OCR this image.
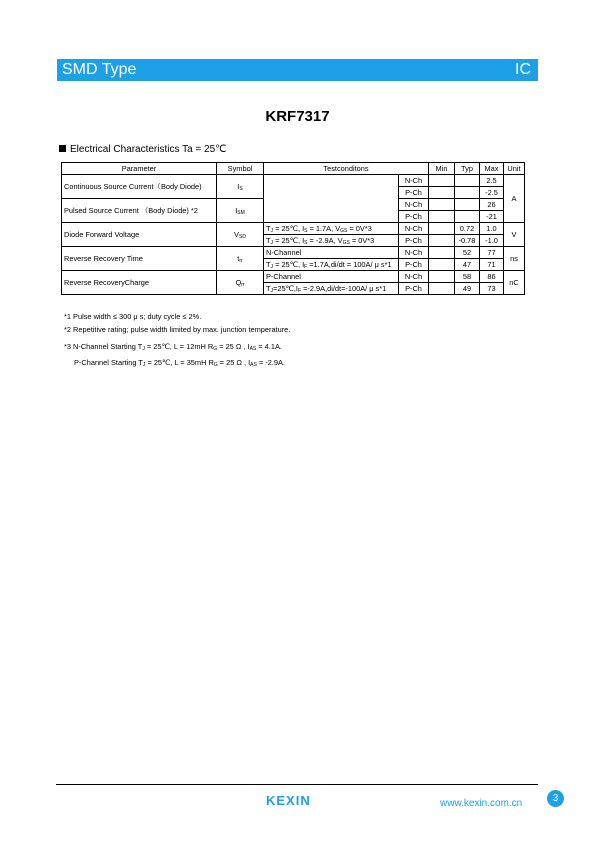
SMD Type	IC
KRF7317
Electrical Characteristics Ta = 25℃
Parameter	Symbol	Testconditons		Min	Typ	Max	Unit
Continuous Source Current（Body Diode)	$I_S$		N-Ch			2.5	A
			P-Ch			-2.5	
Pulsed Source Current （Body Diode) *2	$I_{SM}$		N-Ch			26	
			P-Ch			-21	
Diode Forward Voltage	$V_{SD}$	$T_J$ = 25℃, $I_S = 1.7A$, $V_{GS} = 0V*3$	N-Ch		0.72	1.0	V
		$T_J$ = 25℃, $I_S = -2.9A$, $V_{GS} = 0V*3$	P-Ch		-0.78	-1.0	
Reverse Recovery Time	$t_{rr}$	N-Channel	N-Ch		52	77	ns
		$T_J$ = 25℃, $I_F =1.7A,di/dt = 100A/$ μ s*1	P-Ch		47	71	
Reverse RecoveryCharge	$Q_{rr}$	P-Channel	N-Ch		58	86	nC
		$T_J=25℃,I_F =-2.9A,di/dt=-100A/$ μ s*1	P-Ch		49	73	
*1 Pulse width ≤ 300 μ s; duty cycle ≤ 2%.
*2 Repetitive rating; pulse width limited by max. junction temperature.
*3 N-Channel Starting $T_J$ = 25℃, L = 12mH $R_G = 25$ Ω , $I_{AS} = 4.1A$.
P-Channel Starting $T_J$ = 25℃, L = 35mH $R_G = 25$ Ω , $I_{AS} = -2.9A$.
KEXIN	www.kexin.com.cn	3
